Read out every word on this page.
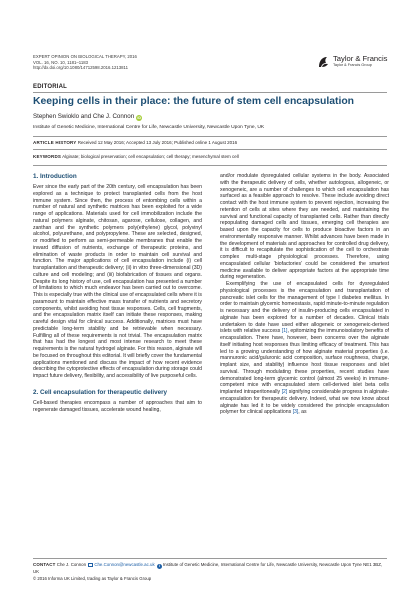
EXPERT OPINION ON BIOLOGICAL THERAPY, 2016
VOL. 16, NO. 10, 1181–1183
http://dx.doi.org/10.1080/14712598.2016.1213811
Taylor & Francis
Taylor & Francis Group
EDITORIAL
Keeping cells in their place: the future of stem cell encapsulation
Stephen Swioklo and Che J. Connon iD
Institute of Genetic Medicine, International Centre for Life, Newcastle University, Newcastle Upon Tyne, UK
ARTICLE HISTORY Received 12 May 2016; Accepted 13 July 2016; Published online 1 August 2016
KEYWORDS Alginate; biological preservation; cell encapsulation; cell therapy; mesenchymal stem cell
1. Introduction

Ever since the early part of the 20th century, cell encapsulation has been explored as a technique to protect transplanted cells from the host immune system. Since then, the process of entombing cells within a number of natural and synthetic matrices has been exploited for a wide range of applications. Materials used for cell immobilization include the natural polymers alginate, chitosan, agarose, cellulose, collagen, and zanthan and the synthetic polymers poly(ethylene) glycol, polyvinyl alcohol, polyurethane, and polypropylene. These are selected, designed, or modified to perform as semi-permeable membranes that enable the inward diffusion of nutrients, exchange of therapeutic proteins, and elimination of waste products in order to maintain cell survival and function. The major applications of cell encapsulation include (i) cell transplantation and therapeutic delivery; (ii) in vitro three-dimensional (3D) culture and cell modeling; and (iii) biofabrication of tissues and organs. Despite its long history of use, cell encapsulation has presented a number of limitations to which much endeavor has been carried out to overcome. This is especially true with the clinical use of encapsulated cells where it is paramount to maintain effective mass transfer of nutrients and secretory components, whilst avoiding host tissue responses. Cells, cell fragments, and the encapsulation matrix itself can initiate these responses, making careful design vital for clinical success. Additionally, matrices must have predictable long-term stability and be retrievable when necessary. Fulfilling all of these requirements is not trivial. The encapsulation matrix that has had the longest and most intense research to meet these requirements is the natural hydrogel alginate. For this reason, alginate will be focused on throughout this editorial. It will briefly cover the fundamental applications mentioned and discuss the impact of how recent evidence describing the cytoprotective effects of encapsulation during storage could impact future delivery, flexibility, and accessibility of live purposeful cells.

2. Cell encapsulation for therapeutic delivery

Cell-based therapies encompass a number of approaches that aim to regenerate damaged tissues, accelerate wound healing,

and/or modulate dysregulated cellular systems in the body. Associated with the therapeutic delivery of cells, whether autologous, allogeneic, or xenogeneic, are a number of challenges to which cell encapsulation has surfaced as a feasible approach to resolve. These include avoiding direct contact with the host immune system to prevent rejection, increasing the retention of cells at sites where they are needed, and maintaining the survival and functional capacity of transplanted cells. Rather than directly repopulating damaged cells and tissues, emerging cell therapies are based upon the capacity for cells to produce bioactive factors in an environmentally responsive manner. Whilst advances have been made in the development of materials and approaches for controlled drug delivery, it is difficult to recapitulate the sophistication of the cell to orchestrate complex multi-stage physiological processes. Therefore, using encapsulated cellular ‘biofactories’ could be considered the smartest medicine available to deliver appropriate factors at the appropriate time during regeneration.

Exemplifying the use of encapsulated cells for dysregulated physiological processes is the encapsulation and transplantation of pancreatic islet cells for the management of type I diabetes mellitus. In order to maintain glycemic homeostasis, rapid minute-to-minute regulation is necessary and the delivery of insulin-producing cells encapsulated in alginate has been explored for a number of decades. Clinical trials undertaken to date have used either allogeneic or xenogeneic-derived islets with relative success [1], epitomizing the immunoisolatory benefits of encapsulation. There have, however, been concerns over the alginate itself initiating host responses thus limiting efficacy of treatment. This has led to a growing understanding of how alginate material properties (i.e. mannuronic acid/guluronic acid composition, surface roughness, charge, implant size, and stability) influence host tissue responses and islet survival. Through modulating these properties, recent studies have demonstrated long-term glycemic control (almost 25 weeks) in immune-competent mice with encapsulated stem cell-derived islet beta cells implanted intraperitoneally [2] signifying considerable progress in alginate-encapsulation for therapeutic delivery. Indeed, what we now know about alginate has led it to be widely considered the principle encapsulation polymer for clinical applications [3], as

CONTACT Che J. Connon Che.Connon@newcastle.ac.uk i Institute of Genetic Medicine, International Centre for Life, Newcastle University, Newcastle Upon Tyne NE1 3BZ, UK
© 2016 Informa UK Limited, trading as Taylor & Francis Group
